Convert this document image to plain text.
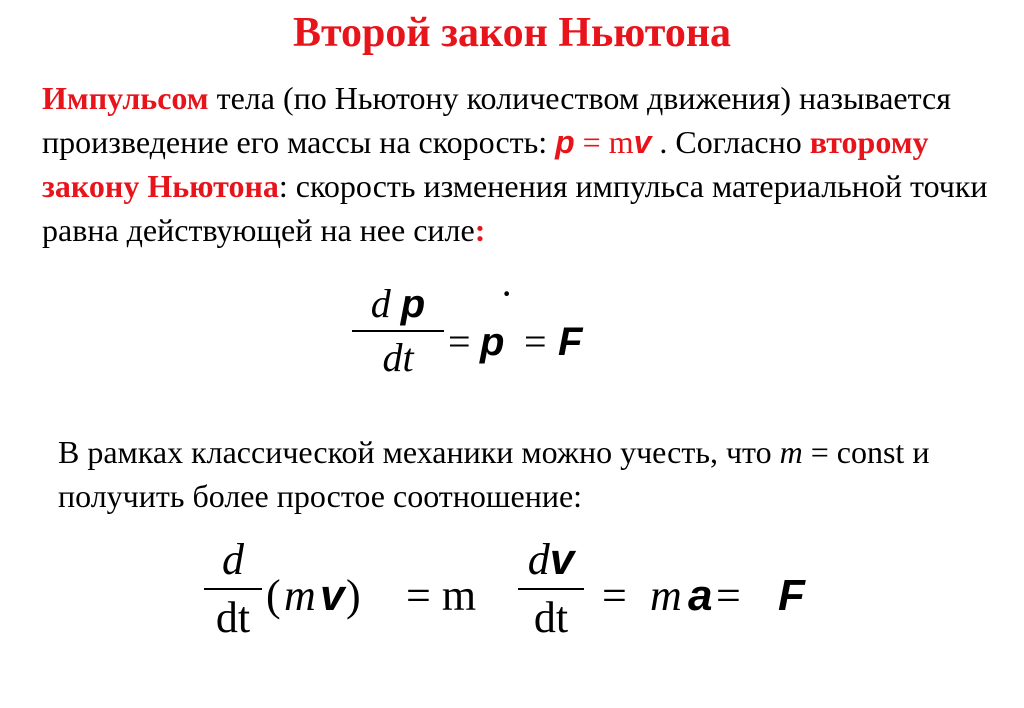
Второй закон Ньютона
Импульсом тела (по Ньютону количеством движения) называется произведение его массы на скорость: p = mv . Согласно второму закону Ньютона: скорость изменения импульса материальной точки равна действующей на нее силе:
d p
dt = p
·
= F
В рамках классической механики можно учесть, что m = const и получить более простое соотношение:
d
dt ( m v ) = m
dv
dt = m a = F
